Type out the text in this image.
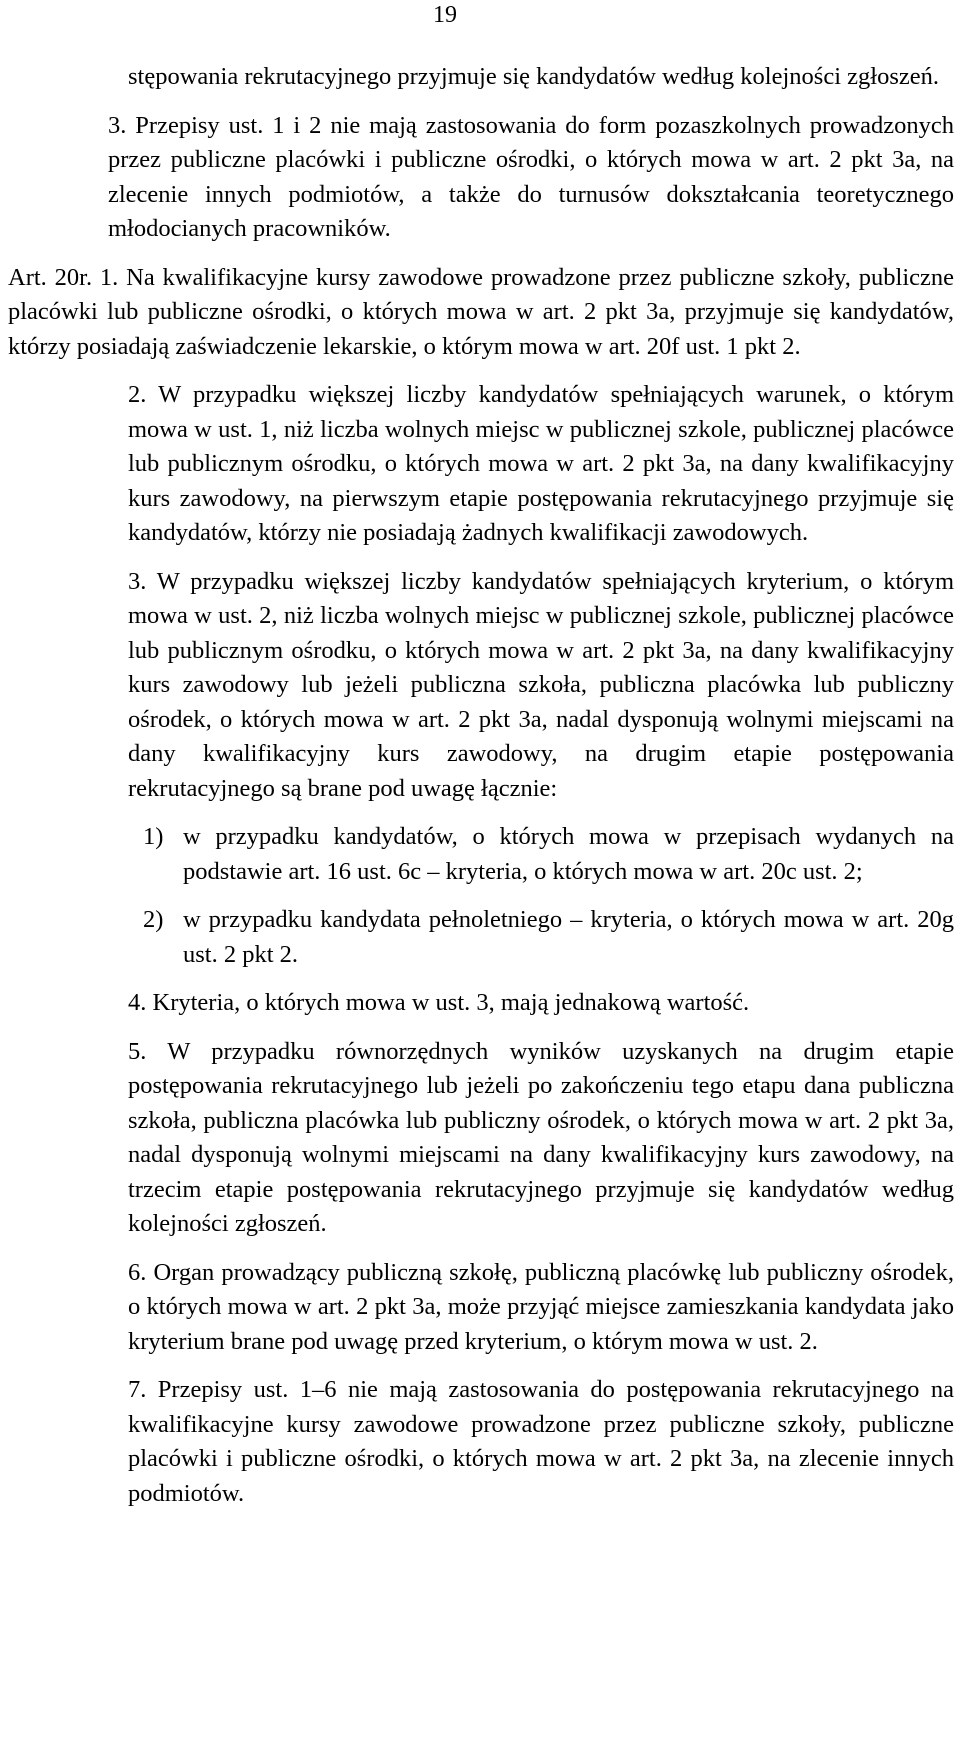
19

stępowania rekrutacyjnego przyjmuje się kandydatów według kolejności zgłoszeń.

3. Przepisy ust. 1 i 2 nie mają zastosowania do form pozaszkolnych prowadzonych przez publiczne placówki i publiczne ośrodki, o których mowa w art. 2 pkt 3a, na zlecenie innych podmiotów, a także do turnusów dokształcania teoretycznego młodocianych pracowników.

Art. 20r. 1. Na kwalifikacyjne kursy zawodowe prowadzone przez publiczne szkoły, publiczne placówki lub publiczne ośrodki, o których mowa w art. 2 pkt 3a, przyjmuje się kandydatów, którzy posiadają zaświadczenie lekarskie, o którym mowa w art. 20f ust. 1 pkt 2.

2. W przypadku większej liczby kandydatów spełniających warunek, o którym mowa w ust. 1, niż liczba wolnych miejsc w publicznej szkole, publicznej placówce lub publicznym ośrodku, o których mowa w art. 2 pkt 3a, na dany kwalifikacyjny kurs zawodowy, na pierwszym etapie postępowania rekrutacyjnego przyjmuje się kandydatów, którzy nie posiadają żadnych kwalifikacji zawodowych.

3. W przypadku większej liczby kandydatów spełniających kryterium, o którym mowa w ust. 2, niż liczba wolnych miejsc w publicznej szkole, publicznej placówce lub publicznym ośrodku, o których mowa w art. 2 pkt 3a, na dany kwalifikacyjny kurs zawodowy lub jeżeli publiczna szkoła, publiczna placówka lub publiczny ośrodek, o których mowa w art. 2 pkt 3a, nadal dysponują wolnymi miejscami na dany kwalifikacyjny kurs zawodowy, na drugim etapie postępowania rekrutacyjnego są brane pod uwagę łącznie:

1) w przypadku kandydatów, o których mowa w przepisach wydanych na podstawie art. 16 ust. 6c – kryteria, o których mowa w art. 20c ust. 2;

2) w przypadku kandydata pełnoletniego – kryteria, o których mowa w art. 20g ust. 2 pkt 2.

4. Kryteria, o których mowa w ust. 3, mają jednakową wartość.

5. W przypadku równorzędnych wyników uzyskanych na drugim etapie postępowania rekrutacyjnego lub jeżeli po zakończeniu tego etapu dana publiczna szkoła, publiczna placówka lub publiczny ośrodek, o których mowa w art. 2 pkt 3a, nadal dysponują wolnymi miejscami na dany kwalifikacyjny kurs zawodowy, na trzecim etapie postępowania rekrutacyjnego przyjmuje się kandydatów według kolejności zgłoszeń.

6. Organ prowadzący publiczną szkołę, publiczną placówkę lub publiczny ośrodek, o których mowa w art. 2 pkt 3a, może przyjąć miejsce zamieszkania kandydata jako kryterium brane pod uwagę przed kryterium, o którym mowa w ust. 2.

7. Przepisy ust. 1–6 nie mają zastosowania do postępowania rekrutacyjnego na kwalifikacyjne kursy zawodowe prowadzone przez publiczne szkoły, publiczne placówki i publiczne ośrodki, o których mowa w art. 2 pkt 3a, na zlecenie innych podmiotów.
